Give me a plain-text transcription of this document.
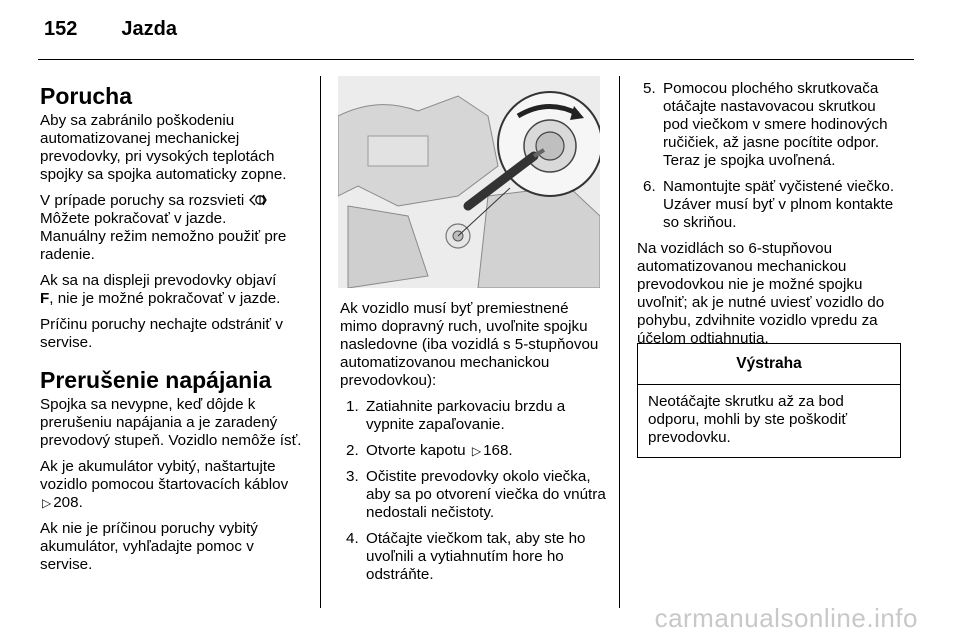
152 Jazda
Porucha

Aby sa zabránilo poškodeniu automatizovanej mechanickej prevodovky, pri vysokých teplotách spojky sa spojka automaticky zopne.

V prípade poruchy sa rozsvieti
Môžete pokračovať v jazde.
Manuálny režim nemožno použiť pre radenie.

Ak sa na displeji prevodovky objaví
F, nie je možné pokračovať v jazde.

Príčinu poruchy nechajte odstrániť v servise.

Prerušenie napájania

Spojka sa nevypne, keď dôjde k prerušeniu napájania a je zaradený prevodový stupeň. Vozidlo nemôže ísť.

Ak je akumulátor vybitý, naštartujte vozidlo pomocou štartovacích káblov
▷ 208.

Ak nie je príčinou poruchy vybitý akumulátor, vyhľadajte pomoc v servise.

Ak vozidlo musí byť premiestnené mimo dopravný ruch, uvoľnite spojku nasledovne (iba vozidlá s 5-stupňovou automatizovanou mechanickou prevodovkou):

1. Zatiahnite parkovaciu brzdu a vypnite zapaľovanie.
2. Otvorte kapotu ▷ 168.
3. Očistite prevodovky okolo viečka, aby sa po otvorení viečka do vnútra nedostali nečistoty.
4. Otáčajte viečkom tak, aby ste ho uvoľnili a vytiahnutím hore ho odstráňte.
5. Pomocou plochého skrutkovača otáčajte nastavovacou skrutkou pod viečkom v smere hodinových ručičiek, až jasne pocítite odpor. Teraz je spojka uvoľnená.
6. Namontujte späť vyčistené viečko. Uzáver musí byť v plnom kontakte so skriňou.

Na vozidlách so 6-stupňovou automatizovanou mechanickou prevodovkou nie je možné spojku uvoľniť; ak je nutné uviesť vozidlo do pohybu, zdvihnite vozidlo vpredu za účelom odtiahnutia.

Výstraha
Neotáčajte skrutku až za bod odporu, mohli by ste poškodiť prevodovku.
carmanualsonline.info
